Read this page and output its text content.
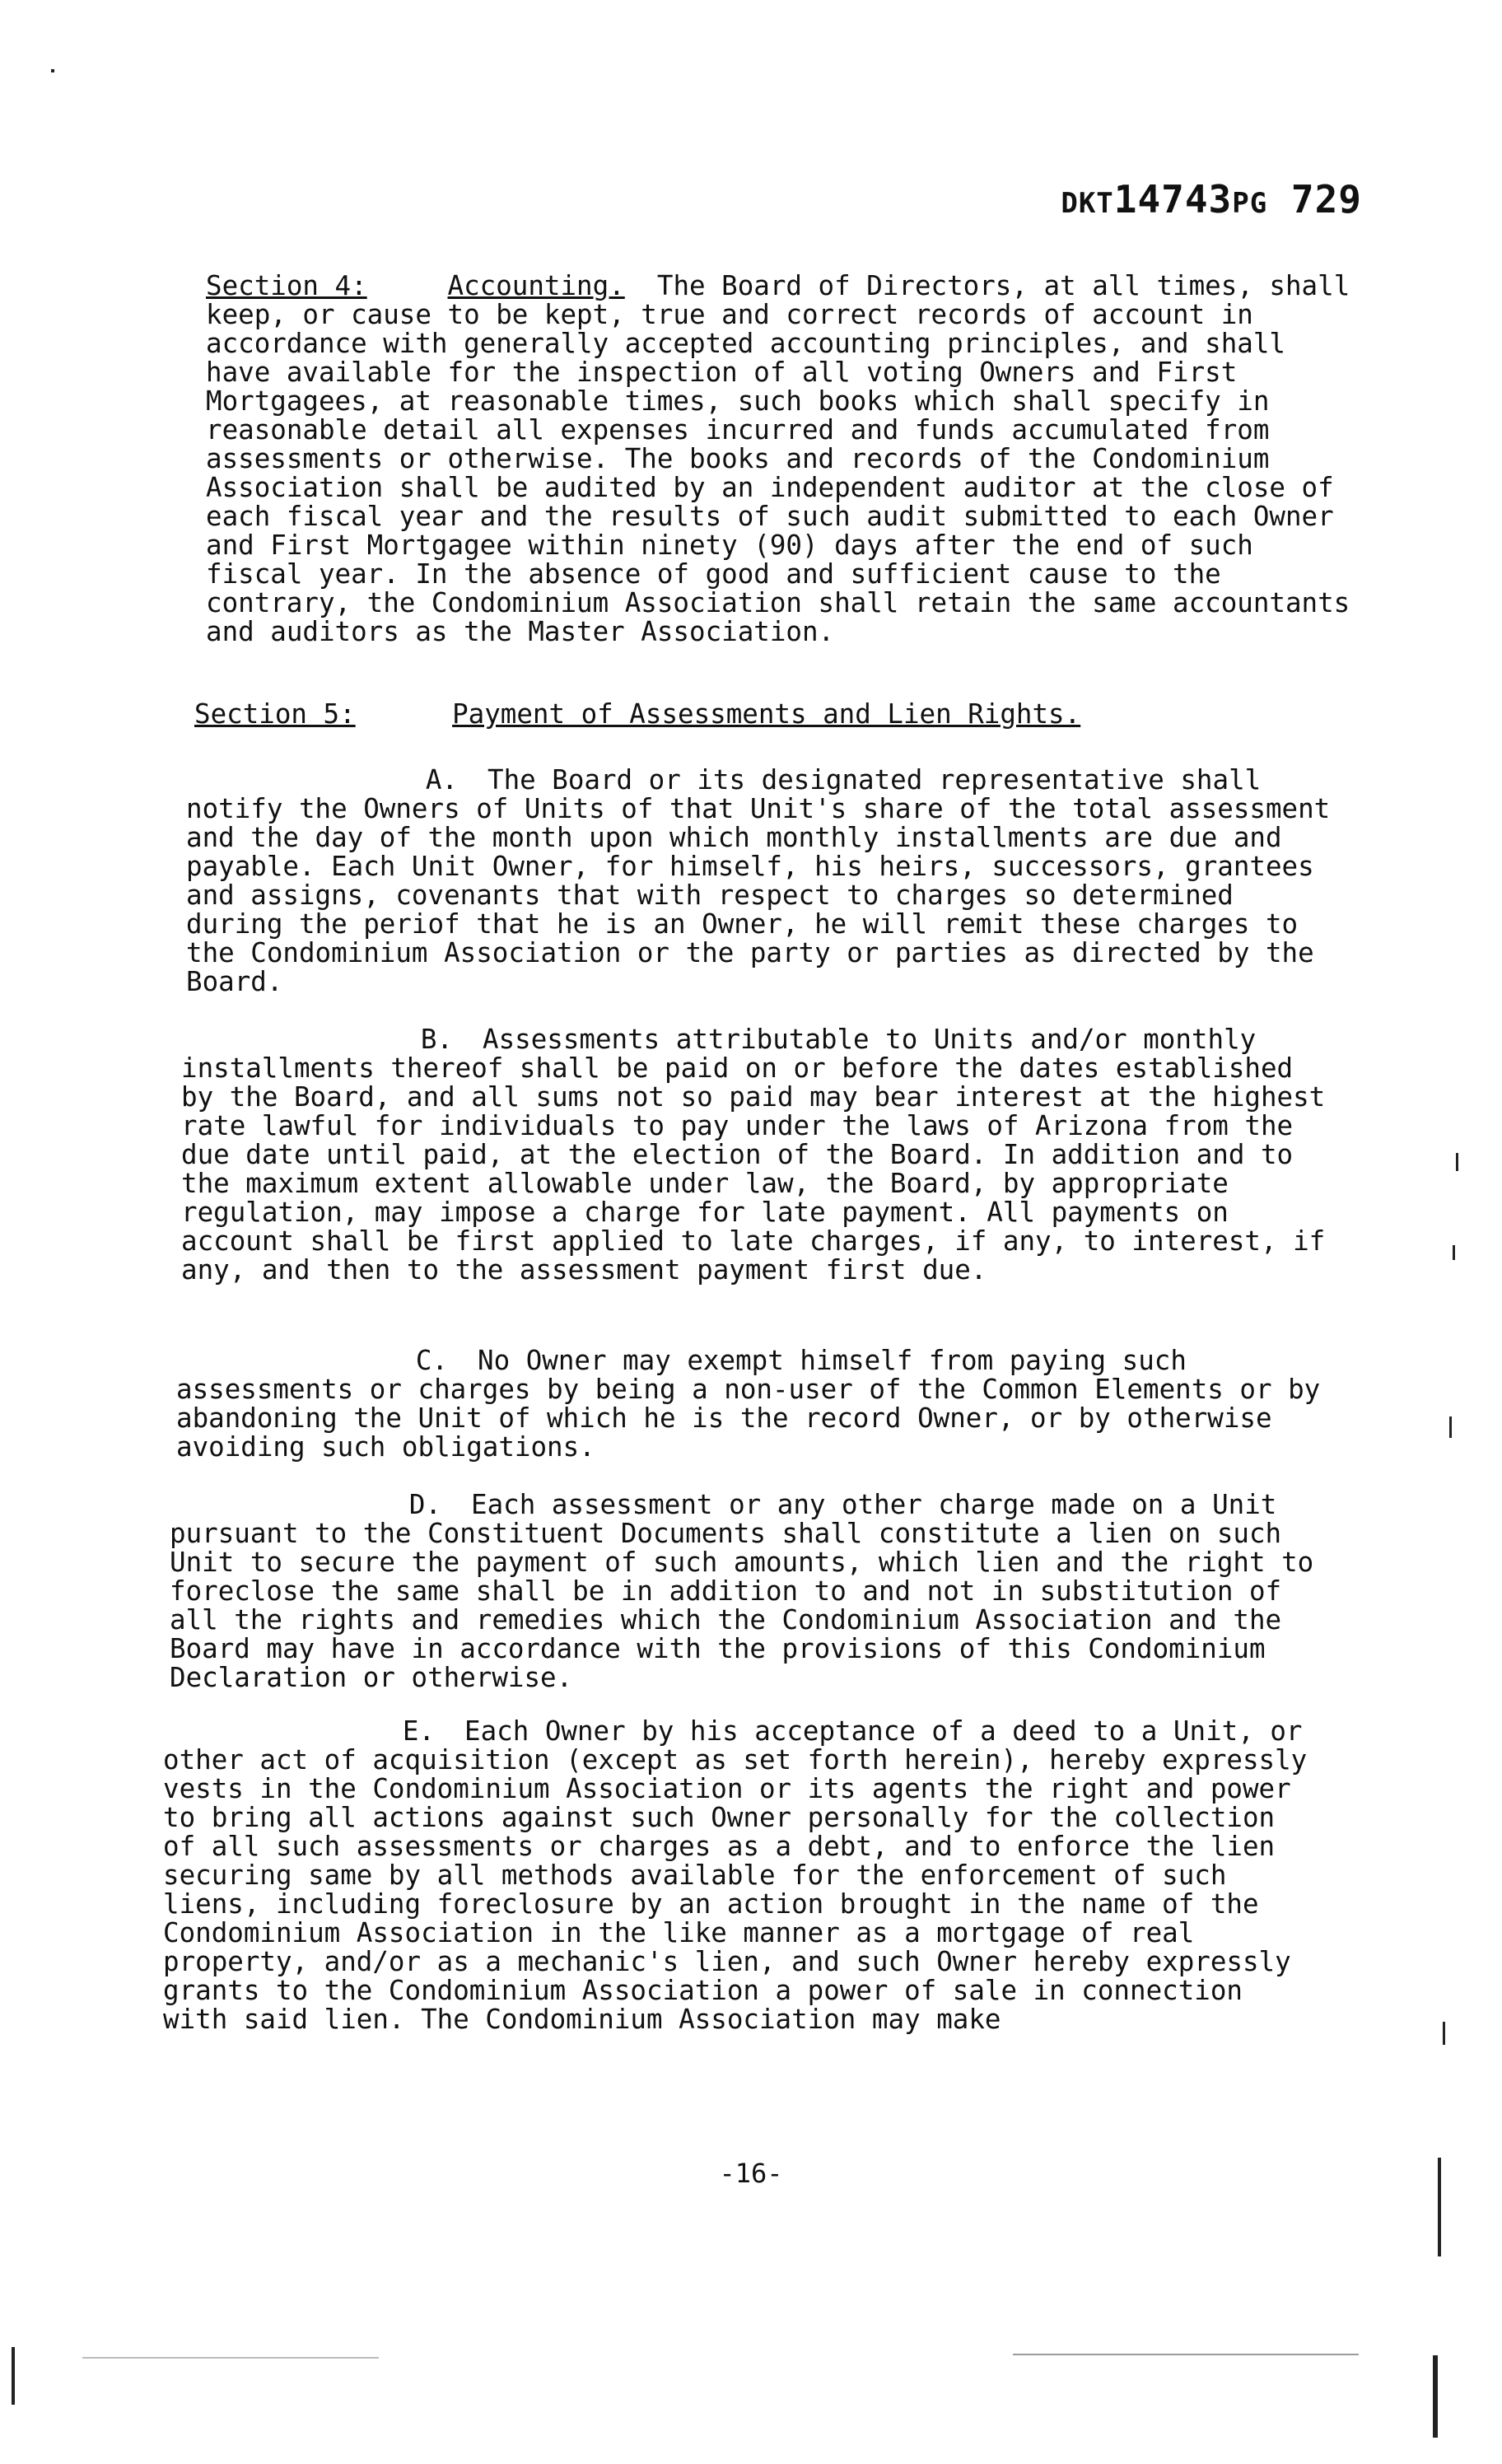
DKT14743PG 729

Section 4:	Accounting. The Board of Directors, at all times, shall keep, or cause to be kept, true and correct records of account in accordance with generally accepted accounting principles, and shall have available for the inspection of all voting Owners and First Mortgagees, at reasonable times, such books which shall specify in reasonable detail all expenses incurred and funds accumulated from assessments or otherwise. The books and records of the Condominium Association shall be audited by an independent auditor at the close of each fiscal year and the results of such audit submitted to each Owner and First Mortgagee within ninety (90) days after the end of such fiscal year. In the absence of good and sufficient cause to the contrary, the Condominium Association shall retain the same accountants and auditors as the Master Association.

Section 5:	Payment of Assessments and Lien Rights.

A. The Board or its designated representative shall notify the Owners of Units of that Unit's share of the total assessment and the day of the month upon which monthly installments are due and payable. Each Unit Owner, for himself, his heirs, successors, grantees and assigns, covenants that with respect to charges so determined during the periof that he is an Owner, he will remit these charges to the Condominium Association or the party or parties as directed by the Board.

B. Assessments attributable to Units and/or monthly installments thereof shall be paid on or before the dates established by the Board, and all sums not so paid may bear interest at the highest rate lawful for individuals to pay under the laws of Arizona from the due date until paid, at the election of the Board. In addition and to the maximum extent allowable under law, the Board, by appropriate regulation, may impose a charge for late payment. All payments on account shall be first applied to late charges, if any, to interest, if any, and then to the assessment payment first due.

C. No Owner may exempt himself from paying such assessments or charges by being a non-user of the Common Elements or by abandoning the Unit of which he is the record Owner, or by otherwise avoiding such obligations.

D. Each assessment or any other charge made on a Unit pursuant to the Constituent Documents shall constitute a lien on such Unit to secure the payment of such amounts, which lien and the right to foreclose the same shall be in addition to and not in substitution of all the rights and remedies which the Condominium Association and the Board may have in accordance with the provisions of this Condominium Declaration or otherwise.

E. Each Owner by his acceptance of a deed to a Unit, or other act of acquisition (except as set forth herein), hereby expressly vests in the Condominium Association or its agents the right and power to bring all actions against such Owner personally for the collection of all such assessments or charges as a debt, and to enforce the lien securing same by all methods available for the enforcement of such liens, including foreclosure by an action brought in the name of the Condominium Association in the like manner as a mortgage of real property, and/or as a mechanic's lien, and such Owner hereby expressly grants to the Condominium Association a power of sale in connection with said lien. The Condominium Association may make

-16-
